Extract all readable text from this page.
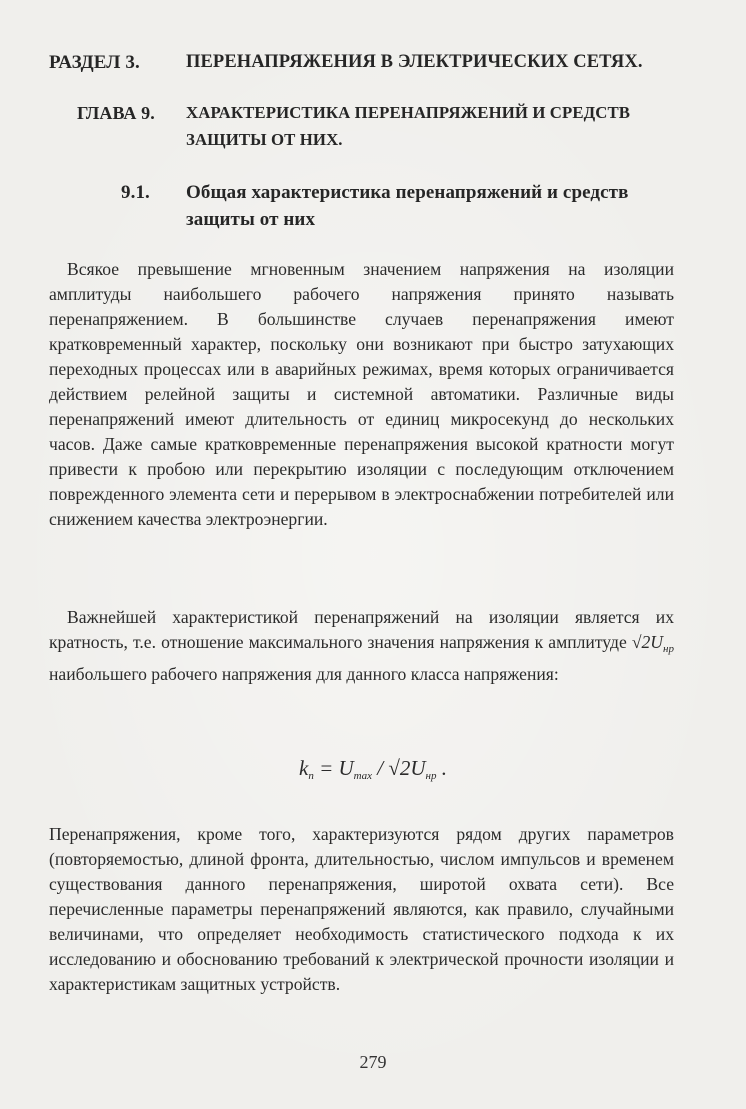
РАЗДЕЛ 3. ПЕРЕНАПРЯЖЕНИЯ В ЭЛЕКТРИЧЕСКИХ СЕТЯХ.
ГЛАВА 9. ХАРАКТЕРИСТИКА ПЕРЕНАПРЯЖЕНИЙ И СРЕДСТВ
ЗАЩИТЫ ОТ НИХ.
9.1. Общая характеристика перенапряжений и средств
защиты от них

Всякое превышение мгновенным значением напряжения на изоляции амплитуды наибольшего рабочего напряжения принято называть перенапряжением. В большинстве случаев перенапряжения имеют кратковременный характер, поскольку они возникают при быстро затухающих переходных процессах или в аварийных режимах, время которых ограничивается действием релейной защиты и системной автоматики. Различные виды перенапряжений имеют длительность от единиц микросекунд до нескольких часов. Даже самые кратковременные перенапряжения высокой кратности могут привести к пробою или перекрытию изоляции с последующим отключением поврежденного элемента сети и перерывом в электроснабжении потребителей или снижением качества электроэнергии.

Важнейшей характеристикой перенапряжений на изоляции является их кратность, т.е. отношение максимального значения напряжения к амплитуде $√2U_{нр}$ наибольшего рабочего напряжения для данного класса напряжения:

$k_п = U_{max} / √2U_{нр}$ .

Перенапряжения, кроме того, характеризуются рядом других параметров (повторяемостью, длиной фронта, длительностью, числом импульсов и временем существования данного перенапряжения, широтой охвата сети). Все перечисленные параметры перенапряжений являются, как правило, случайными величинами, что определяет необходимость статистического подхода к их исследованию и обоснованию требований к электрической прочности изоляции и характеристикам защитных устройств.

279
